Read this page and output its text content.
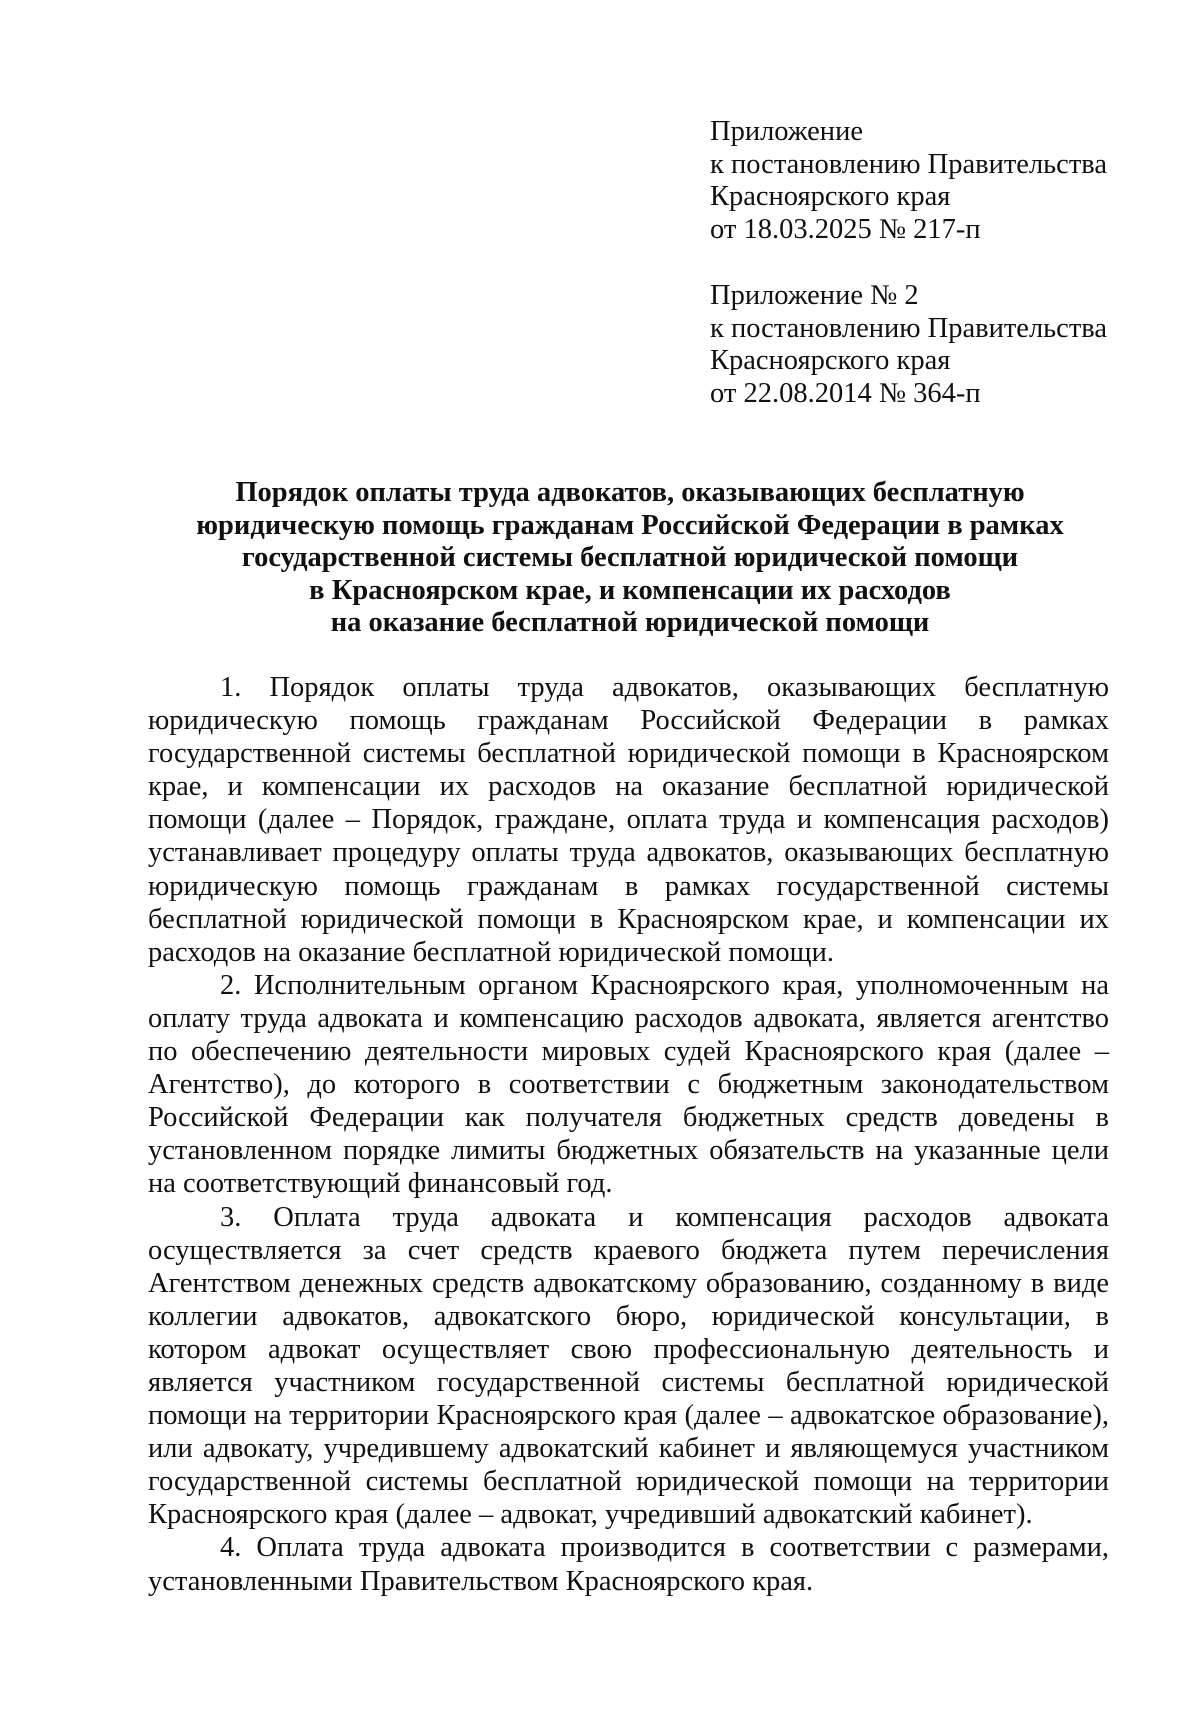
Приложение
к постановлению Правительства
Красноярского края
от 18.03.2025 № 217-п
Приложение № 2
к постановлению Правительства
Красноярского края
от 22.08.2014 № 364-п
Порядок оплаты труда адвокатов, оказывающих бесплатную
юридическую помощь гражданам Российской Федерации в рамках
государственной системы бесплатной юридической помощи
в Красноярском крае, и компенсации их расходов
на оказание бесплатной юридической помощи

1. Порядок оплаты труда адвокатов, оказывающих бесплатную юридическую помощь гражданам Российской Федерации в рамках государственной системы бесплатной юридической помощи в Красноярском крае, и компенсации их расходов на оказание бесплатной юридической помощи (далее – Порядок, граждане, оплата труда и компенсация расходов) устанавливает процедуру оплаты труда адвокатов, оказывающих бесплатную юридическую помощь гражданам в рамках государственной системы бесплатной юридической помощи в Красноярском крае, и компенсации их расходов на оказание бесплатной юридической помощи.

2. Исполнительным органом Красноярского края, уполномоченным на оплату труда адвоката и компенсацию расходов адвоката, является агентство по обеспечению деятельности мировых судей Красноярского края (далее – Агентство), до которого в соответствии с бюджетным законодательством Российской Федерации как получателя бюджетных средств доведены в установленном порядке лимиты бюджетных обязательств на указанные цели на соответствующий финансовый год.

3. Оплата труда адвоката и компенсация расходов адвоката осуществляется за счет средств краевого бюджета путем перечисления Агентством денежных средств адвокатскому образованию, созданному в виде коллегии адвокатов, адвокатского бюро, юридической консультации, в котором адвокат осуществляет свою профессиональную деятельность и является участником государственной системы бесплатной юридической помощи на территории Красноярского края (далее – адвокатское образование), или адвокату, учредившему адвокатский кабинет и являющемуся участником государственной системы бесплатной юридической помощи на территории Красноярского края (далее – адвокат, учредивший адвокатский кабинет).

4. Оплата труда адвоката производится в соответствии с размерами, установленными Правительством Красноярского края.
